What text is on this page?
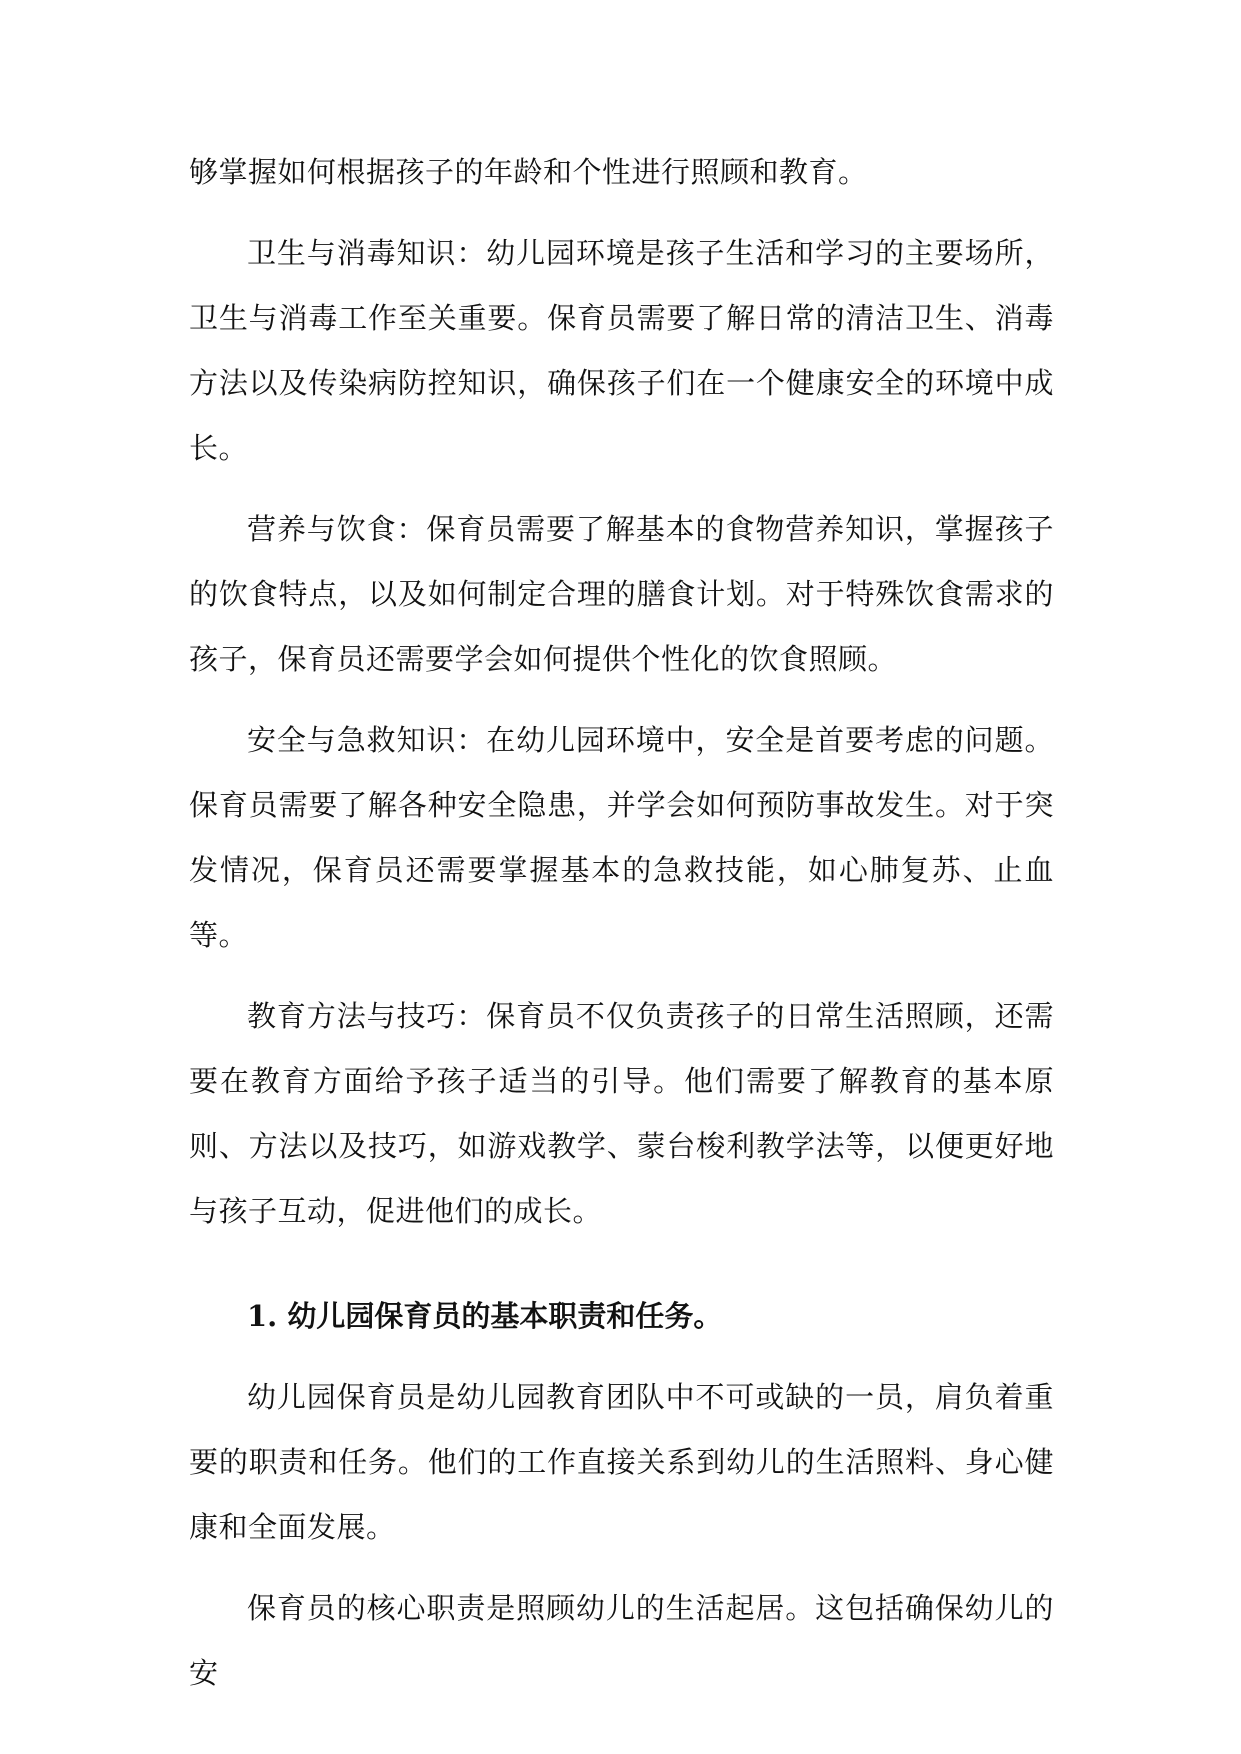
够掌握如何根据孩子的年龄和个性进行照顾和教育。

卫生与消毒知识：幼儿园环境是孩子生活和学习的主要场所，卫生与消毒工作至关重要。保育员需要了解日常的清洁卫生、消毒方法以及传染病防控知识，确保孩子们在一个健康安全的环境中成长。

营养与饮食：保育员需要了解基本的食物营养知识，掌握孩子的饮食特点，以及如何制定合理的膳食计划。对于特殊饮食需求的孩子，保育员还需要学会如何提供个性化的饮食照顾。

安全与急救知识：在幼儿园环境中，安全是首要考虑的问题。保育员需要了解各种安全隐患，并学会如何预防事故发生。对于突发情况，保育员还需要掌握基本的急救技能，如心肺复苏、止血等。

教育方法与技巧：保育员不仅负责孩子的日常生活照顾，还需要在教育方面给予孩子适当的引导。他们需要了解教育的基本原则、方法以及技巧，如游戏教学、蒙台梭利教学法等，以便更好地与孩子互动，促进他们的成长。

1. 幼儿园保育员的基本职责和任务。

幼儿园保育员是幼儿园教育团队中不可或缺的一员，肩负着重要的职责和任务。他们的工作直接关系到幼儿的生活照料、身心健康和全面发展。

保育员的核心职责是照顾幼儿的生活起居。这包括确保幼儿的安
